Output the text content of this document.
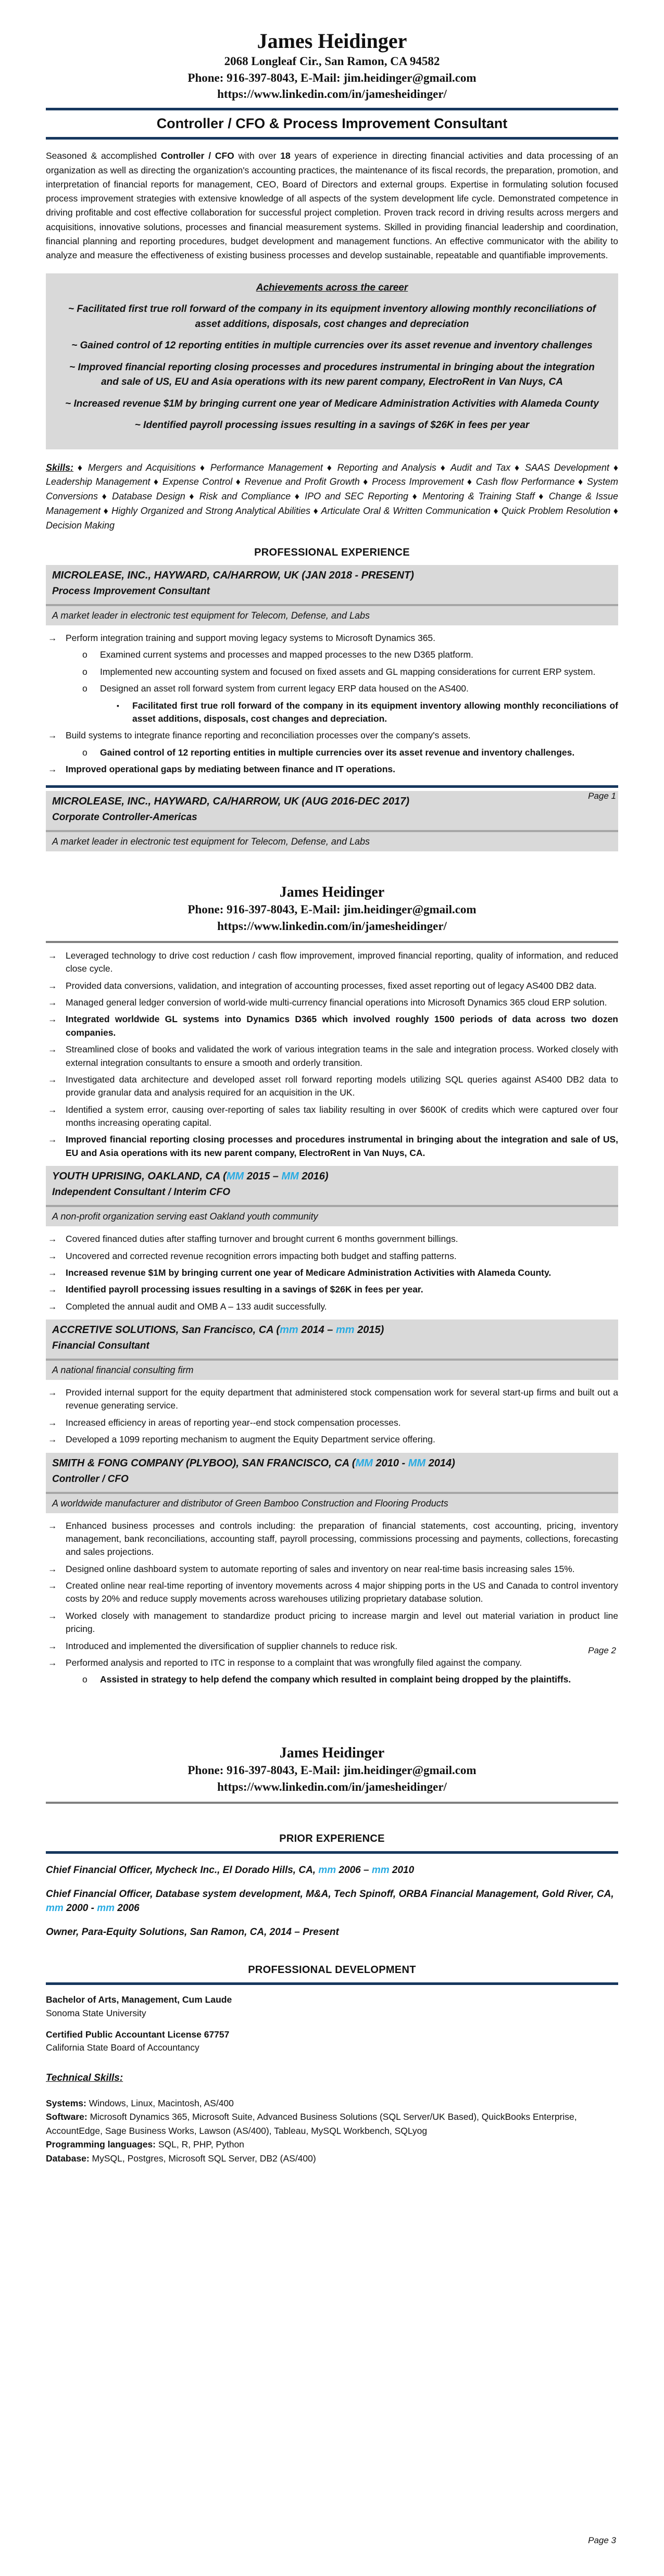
James Heidinger
2068 Longleaf Cir., San Ramon, CA 94582
Phone: 916-397-8043, E-Mail: jim.heidinger@gmail.com
https://www.linkedin.com/in/jamesheidinger/
Controller / CFO & Process Improvement Consultant

Seasoned & accomplished Controller / CFO with over 18 years of experience in directing financial activities and data processing of an organization as well as directing the organization's accounting practices, the maintenance of its fiscal records, the preparation, promotion, and interpretation of financial reports for management, CEO, Board of Directors and external groups. Expertise in formulating solution focused process improvement strategies with extensive knowledge of all aspects of the system development life cycle. Demonstrated competence in driving profitable and cost effective collaboration for successful project completion. Proven track record in driving results across mergers and acquisitions, innovative solutions, processes and financial measurement systems. Skilled in providing financial leadership and coordination, financial planning and reporting procedures, budget development and management functions. An effective communicator with the ability to analyze and measure the effectiveness of existing business processes and develop sustainable, repeatable and quantifiable improvements.

Achievements across the career
~ Facilitated first true roll forward of the company in its equipment inventory allowing monthly reconciliations of asset additions, disposals, cost changes and depreciation
~ Gained control of 12 reporting entities in multiple currencies over its asset revenue and inventory challenges
~ Improved financial reporting closing processes and procedures instrumental in bringing about the integration and sale of US, EU and Asia operations with its new parent company, ElectroRent in Van Nuys, CA
~ Increased revenue $1M by bringing current one year of Medicare Administration Activities with Alameda County
~ Identified payroll processing issues resulting in a savings of $26K in fees per year

Skills: ♦ Mergers and Acquisitions ♦ Performance Management ♦ Reporting and Analysis ♦ Audit and Tax ♦ SAAS Development ♦ Leadership Management ♦ Expense Control ♦ Revenue and Profit Growth ♦ Process Improvement ♦ Cash flow Performance ♦ System Conversions ♦ Database Design ♦ Risk and Compliance ♦ IPO and SEC Reporting ♦ Mentoring & Training Staff ♦ Change & Issue Management ♦ Highly Organized and Strong Analytical Abilities ♦ Articulate Oral & Written Communication ♦ Quick Problem Resolution ♦ Decision Making

PROFESSIONAL EXPERIENCE
MICROLEASE, INC., HAYWARD, CA/HARROW, UK (JAN 2018 - PRESENT)
Process Improvement Consultant
A market leader in electronic test equipment for Telecom, Defense, and Labs
→ Perform integration training and support moving legacy systems to Microsoft Dynamics 365.
o	Examined current systems and processes and mapped processes to the new D365 platform.
o	Implemented new accounting system and focused on fixed assets and GL mapping considerations for current ERP system.
o	Designed an asset roll forward system from current legacy ERP data housed on the AS400.
▪	Facilitated first true roll forward of the company in its equipment inventory allowing monthly reconciliations of asset additions, disposals, cost changes and depreciation.
→ Build systems to integrate finance reporting and reconciliation processes over the company's assets.
o	Gained control of 12 reporting entities in multiple currencies over its asset revenue and inventory challenges.
→ Improved operational gaps by mediating between finance and IT operations.
MICROLEASE, INC., HAYWARD, CA/HARROW, UK (AUG 2016-DEC 2017)
Corporate Controller-Americas
A market leader in electronic test equipment for Telecom, Defense, and Labs
Page 1
James Heidinger
Phone: 916-397-8043, E-Mail: jim.heidinger@gmail.com
https://www.linkedin.com/in/jamesheidinger/
→ Leveraged technology to drive cost reduction / cash flow improvement, improved financial reporting, quality of information, and reduced close cycle.
→ Provided data conversions, validation, and integration of accounting processes, fixed asset reporting out of legacy AS400 DB2 data.
→ Managed general ledger conversion of world-wide multi-currency financial operations into Microsoft Dynamics 365 cloud ERP solution.
→ Integrated worldwide GL systems into Dynamics D365 which involved roughly 1500 periods of data across two dozen companies.
→ Streamlined close of books and validated the work of various integration teams in the sale and integration process. Worked closely with external integration consultants to ensure a smooth and orderly transition.
→ Investigated data architecture and developed asset roll forward reporting models utilizing SQL queries against AS400 DB2 data to provide granular data and analysis required for an acquisition in the UK.
→ Identified a system error, causing over-reporting of sales tax liability resulting in over $600K of credits which were captured over four months increasing operating capital.
→ Improved financial reporting closing processes and procedures instrumental in bringing about the integration and sale of US, EU and Asia operations with its new parent company, ElectroRent in Van Nuys, CA.
YOUTH UPRISING, OAKLAND, CA (MM 2015 – MM 2016)
Independent Consultant / Interim CFO
A non-profit organization serving east Oakland youth community
→ Covered financed duties after staffing turnover and brought current 6 months government billings.
→ Uncovered and corrected revenue recognition errors impacting both budget and staffing patterns.
→ Increased revenue $1M by bringing current one year of Medicare Administration Activities with Alameda County.
→ Identified payroll processing issues resulting in a savings of $26K in fees per year.
→ Completed the annual audit and OMB A – 133 audit successfully.
ACCRETIVE SOLUTIONS, San Francisco, CA (mm 2014 – mm 2015)
Financial Consultant
A national financial consulting firm
→ Provided internal support for the equity department that administered stock compensation work for several start-up firms and built out a revenue generating service.
→ Increased efficiency in areas of reporting year--end stock compensation processes.
→ Developed a 1099 reporting mechanism to augment the Equity Department service offering.
SMITH & FONG COMPANY (PLYBOO), SAN FRANCISCO, CA (MM 2010 - MM 2014)
Controller / CFO
A worldwide manufacturer and distributor of Green Bamboo Construction and Flooring Products
→ Enhanced business processes and controls including: the preparation of financial statements, cost accounting, pricing, inventory management, bank reconciliations, accounting staff, payroll processing, commissions processing and payments, collections, forecasting and sales projections.
→ Designed online dashboard system to automate reporting of sales and inventory on near real-time basis increasing sales 15%.
→ Created online near real-time reporting of inventory movements across 4 major shipping ports in the US and Canada to control inventory costs by 20% and reduce supply movements across warehouses utilizing proprietary database solution.
→ Worked closely with management to standardize product pricing to increase margin and level out material variation in product line pricing.
→ Introduced and implemented the diversification of supplier channels to reduce risk.
→ Performed analysis and reported to ITC in response to a complaint that was wrongfully filed against the company.
o	Assisted in strategy to help defend the company which resulted in complaint being dropped by the plaintiffs.
Page 2
James Heidinger
Phone: 916-397-8043, E-Mail: jim.heidinger@gmail.com
https://www.linkedin.com/in/jamesheidinger/
PRIOR EXPERIENCE
Chief Financial Officer, Mycheck Inc., El Dorado Hills, CA, mm 2006 – mm 2010
Chief Financial Officer, Database system development, M&A, Tech Spinoff, ORBA Financial Management, Gold River, CA, mm 2000 - mm 2006
Owner, Para-Equity Solutions, San Ramon, CA, 2014 – Present
PROFESSIONAL DEVELOPMENT
Bachelor of Arts, Management, Cum Laude
Sonoma State University
Certified Public Accountant License 67757
California State Board of Accountancy
Technical Skills:
Systems: Windows, Linux, Macintosh, AS/400
Software: Microsoft Dynamics 365, Microsoft Suite, Advanced Business Solutions (SQL Server/UK Based), QuickBooks Enterprise, AccountEdge, Sage Business Works, Lawson (AS/400), Tableau, MySQL Workbench, SQLyog
Programming languages: SQL, R, PHP, Python
Database: MySQL, Postgres, Microsoft SQL Server, DB2 (AS/400)
Page 3
